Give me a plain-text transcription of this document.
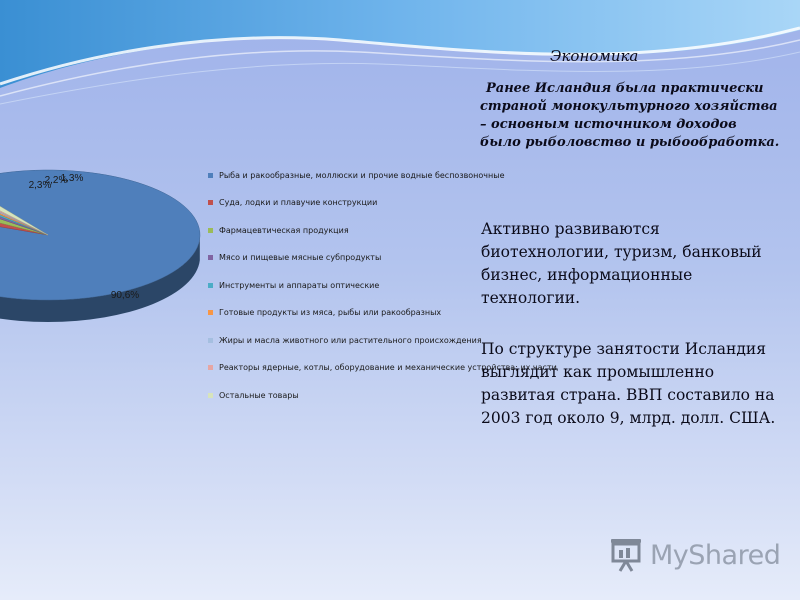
90,6%
2,3%
2,2%
1,3%	Рыба и ракообразные, моллюски и прочие водные беспозвоночные
Суда, лодки и плавучие конструкции
Фармацевтическая продукция
Мясо и пищевые мясные субпродукты
Инструменты и аппараты оптические
Готовые продукты из мяса, рыбы или ракообразных
Жиры и масла животного или растительного происхождения
Реакторы ядерные, котлы, оборудование и механические устройства; их части
Остальные товары
Экономика

Ранее Исландия была практически страной монокультурного хозяйства – основным источником доходов было рыболовство и рыбообработка.

Активно развиваются биотехнологии, туризм, банковый бизнес, информационные технологии.

По структуре занятости Исландия выглядит как промышленно развитая страна. ВВП составило на 2003 год около 9, млрд. долл. США.

MyShared
